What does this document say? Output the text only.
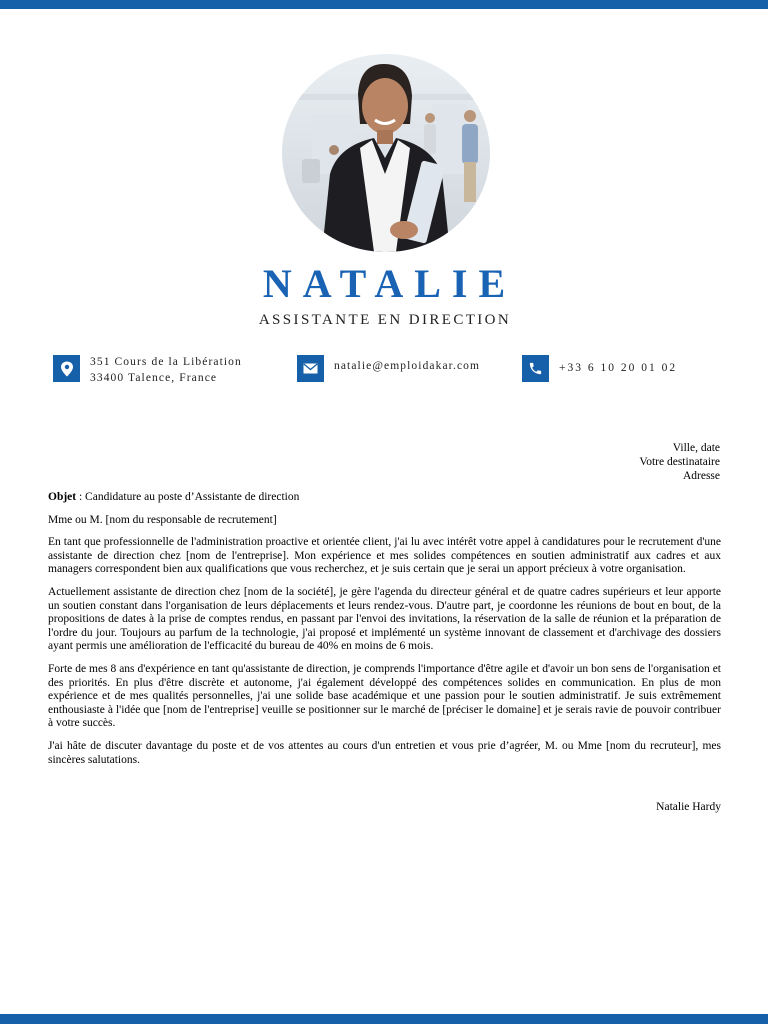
NATALIE
ASSISTANTE EN DIRECTION
351 Cours de la Libération
33400 Talence, France
natalie@emploidakar.com	+33 6 10 20 01 02
Ville, date
Votre destinataire
Adresse

Objet : Candidature au poste d’Assistante de direction

Mme ou M. [nom du responsable de recrutement]

En tant que professionnelle de l'administration proactive et orientée client, j'ai lu avec intérêt votre appel à candidatures pour le recrutement d'une assistante de direction chez [nom de l'entreprise]. Mon expérience et mes solides compétences en soutien administratif aux cadres et aux managers correspondent bien aux qualifications que vous recherchez, et je suis certain que je serai un apport précieux à votre organisation.

Actuellement assistante de direction chez [nom de la société], je gère l'agenda du directeur général et de quatre cadres supérieurs et leur apporte un soutien constant dans l'organisation de leurs déplacements et leurs rendez-vous. D'autre part, je coordonne les réunions de bout en bout, de la propositions de dates à la prise de comptes rendus, en passant par l'envoi des invitations, la réservation de la salle de réunion et la préparation de l'ordre du jour. Toujours au parfum de la technologie, j'ai proposé et implémenté un système innovant de classement et d'archivage des dossiers ayant permis une amélioration de l'efficacité du bureau de 40% en moins de 6 mois.

Forte de mes 8 ans d'expérience en tant qu'assistante de direction, je comprends l'importance d'être agile et d'avoir un bon sens de l'organisation et des priorités. En plus d'être discrète et autonome, j'ai également développé des compétences solides en communication. En plus de mon expérience et de mes qualités personnelles, j'ai une solide base académique et une passion pour le soutien administratif. Je suis extrêmement enthousiaste à l'idée que [nom de l'entreprise] veuille se positionner sur le marché de [préciser le domaine] et je serais ravie de pouvoir contribuer à votre succès.

J'ai hâte de discuter davantage du poste et de vos attentes au cours d'un entretien et vous prie d’agréer, M. ou Mme [nom du recruteur], mes sincères salutations.

Natalie Hardy
